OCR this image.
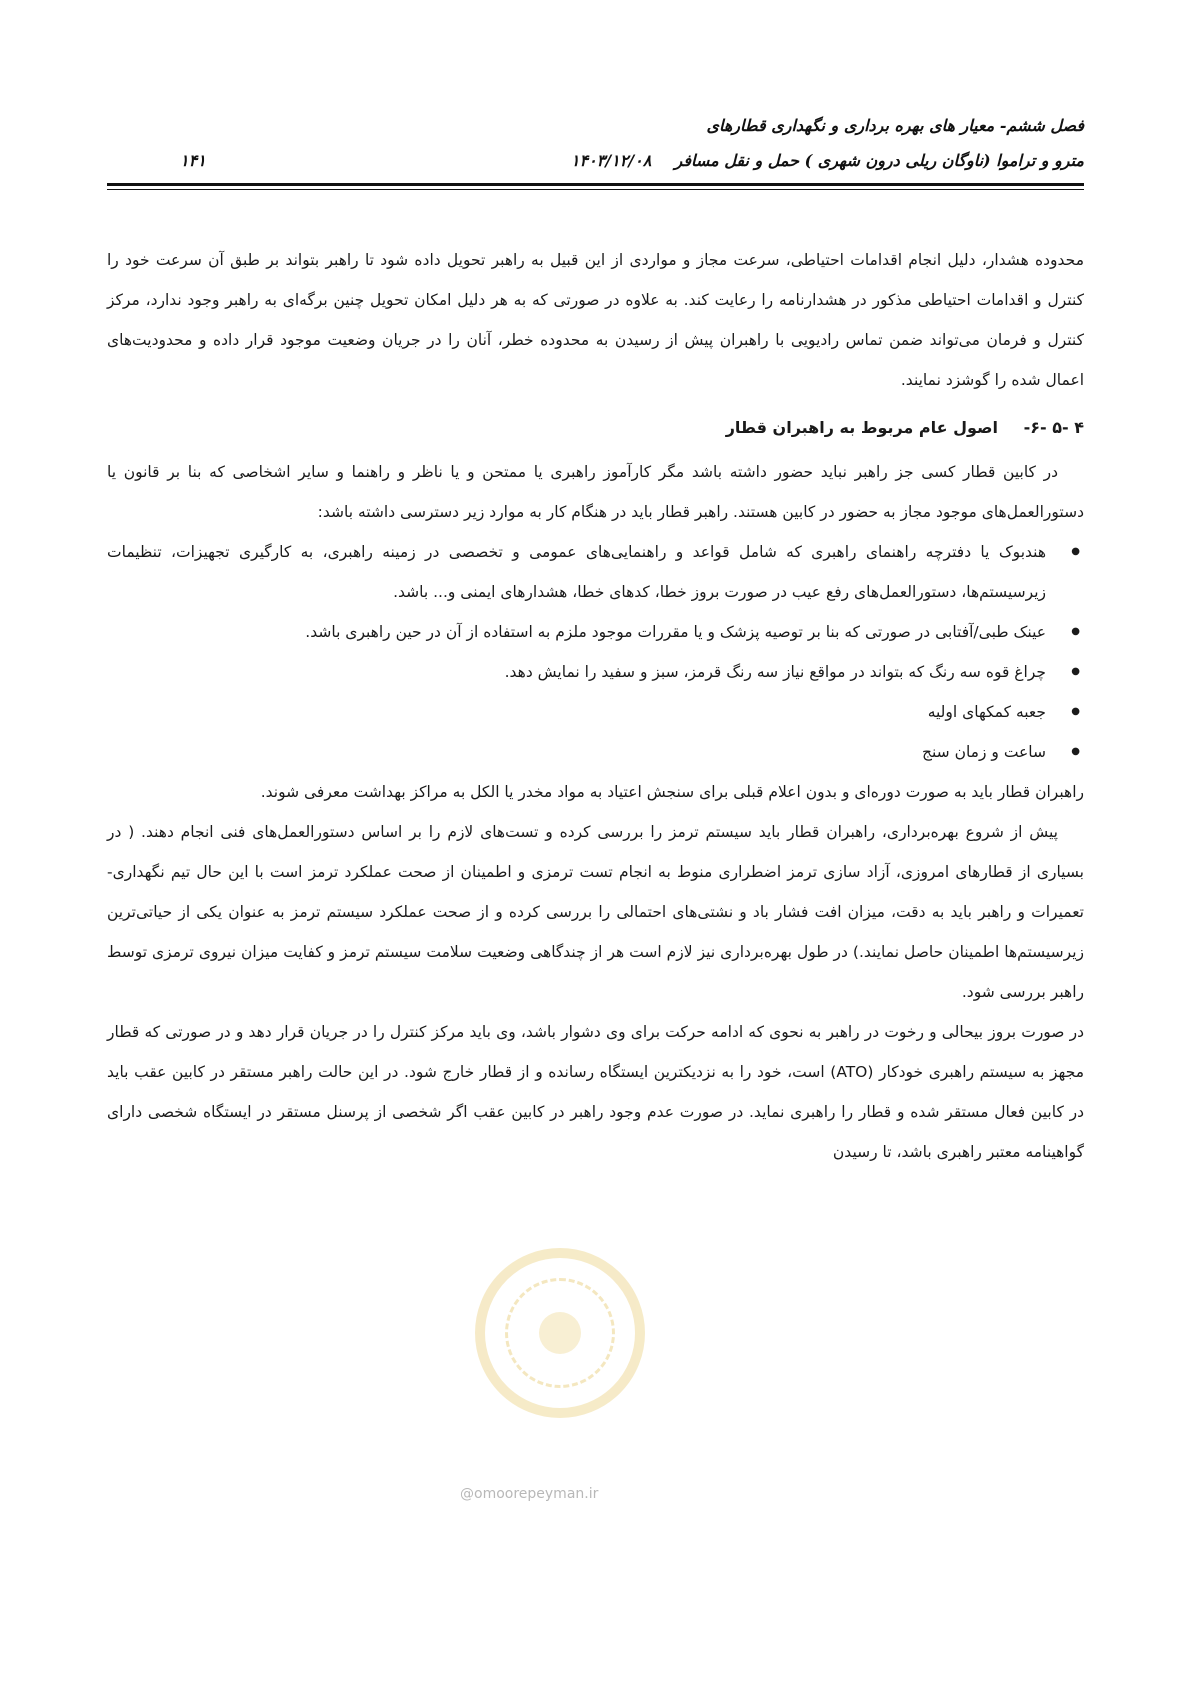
فصل ششم- معیار های بهره برداری و نگهداری قطارهای
مترو و تراموا (ناوگان ریلی درون شهری ) حمل و نقل مسافر  ۱۴۰۳/۱۲/۰۸
۱۴۱

محدوده هشدار، دلیل انجام اقدامات احتیاطی، سرعت مجاز و مواردی از این قبیل به راهبر تحویل داده شود تا راهبر بتواند بر طبق آن سرعت خود را کنترل و اقدامات احتیاطی مذکور در هشدارنامه را رعایت کند. به علاوه در صورتی که به هر دلیل امکان تحویل چنین برگه‌ای به راهبر وجود ندارد، مرکز کنترل و فرمان می‌تواند ضمن تماس رادیویی با راهبران پیش از رسیدن به محدوده خطر، آنان را در جریان وضعیت موجود قرار داده و محدودیت‌های اعمال شده را گوشزد نمایند.

-۶- ۵- ۴
اصول عام مربوط به راهبران قطار

در کابین قطار کسی جز راهبر نباید حضور داشته باشد مگر کارآموز راهبری یا ممتحن و یا ناظر و راهنما و سایر اشخاصی که بنا بر قانون یا دستورالعمل‌های موجود مجاز به حضور در کابین هستند. راهبر قطار باید در هنگام کار به موارد زیر دسترسی داشته باشد:

● هندبوک یا دفترچه راهنمای راهبری که شامل قواعد و راهنمایی‌های عمومی و تخصصی در زمینه راهبری، به کارگیری تجهیزات، تنظیمات زیرسیستم‌ها، دستورالعمل‌های رفع عیب در صورت بروز خطا، کدهای خطا، هشدارهای ایمنی و... باشد.
● عینک طبی/آفتابی در صورتی که بنا بر توصیه پزشک و یا مقررات موجود ملزم به استفاده از آن در حین راهبری باشد.
● چراغ قوه سه رنگ که بتواند در مواقع نیاز سه رنگ قرمز، سبز و سفید را نمایش دهد.
● جعبه کمکهای اولیه
● ساعت و زمان سنج

راهبران قطار باید به صورت دوره‌ای و بدون اعلام قبلی برای سنجش اعتیاد به مواد مخدر یا الکل به مراکز بهداشت معرفی شوند.

پیش از شروع بهره‌برداری، راهبران قطار باید سیستم ترمز را بررسی کرده و تست‌های لازم را بر اساس دستورالعمل‌های فنی انجام دهند. ( در بسیاری از قطارهای امروزی، آزاد سازی ترمز اضطراری منوط به انجام تست ترمزی و اطمینان از صحت عملکرد ترمز است با این حال تیم نگهداری-تعمیرات و راهبر باید به دقت، میزان افت فشار باد و نشتی‌های احتمالی را بررسی کرده و از صحت عملکرد سیستم ترمز به عنوان یکی از حیاتی‌ترین زیرسیستم‌ها اطمینان حاصل نمایند.) در طول بهره‌برداری نیز لازم است هر از چندگاهی وضعیت سلامت سیستم ترمز و کفایت میزان نیروی ترمزی توسط راهبر بررسی شود.

در صورت بروز بیحالی و رخوت در راهبر به نحوی که ادامه حرکت برای وی دشوار باشد، وی باید مرکز کنترل را در جریان قرار دهد و در صورتی که قطار مجهز به سیستم راهبری خودکار (ATO) است، خود را به نزدیکترین ایستگاه رسانده و از قطار خارج شود. در این حالت راهبر مستقر در کابین عقب باید در کابین فعال مستقر شده و قطار را راهبری نماید. در صورت عدم وجود راهبر در کابین عقب اگر شخصی از پرسنل مستقر در ایستگاه شخصی دارای گواهینامه معتبر راهبری باشد، تا رسیدن

@omoorepeyman.ir
